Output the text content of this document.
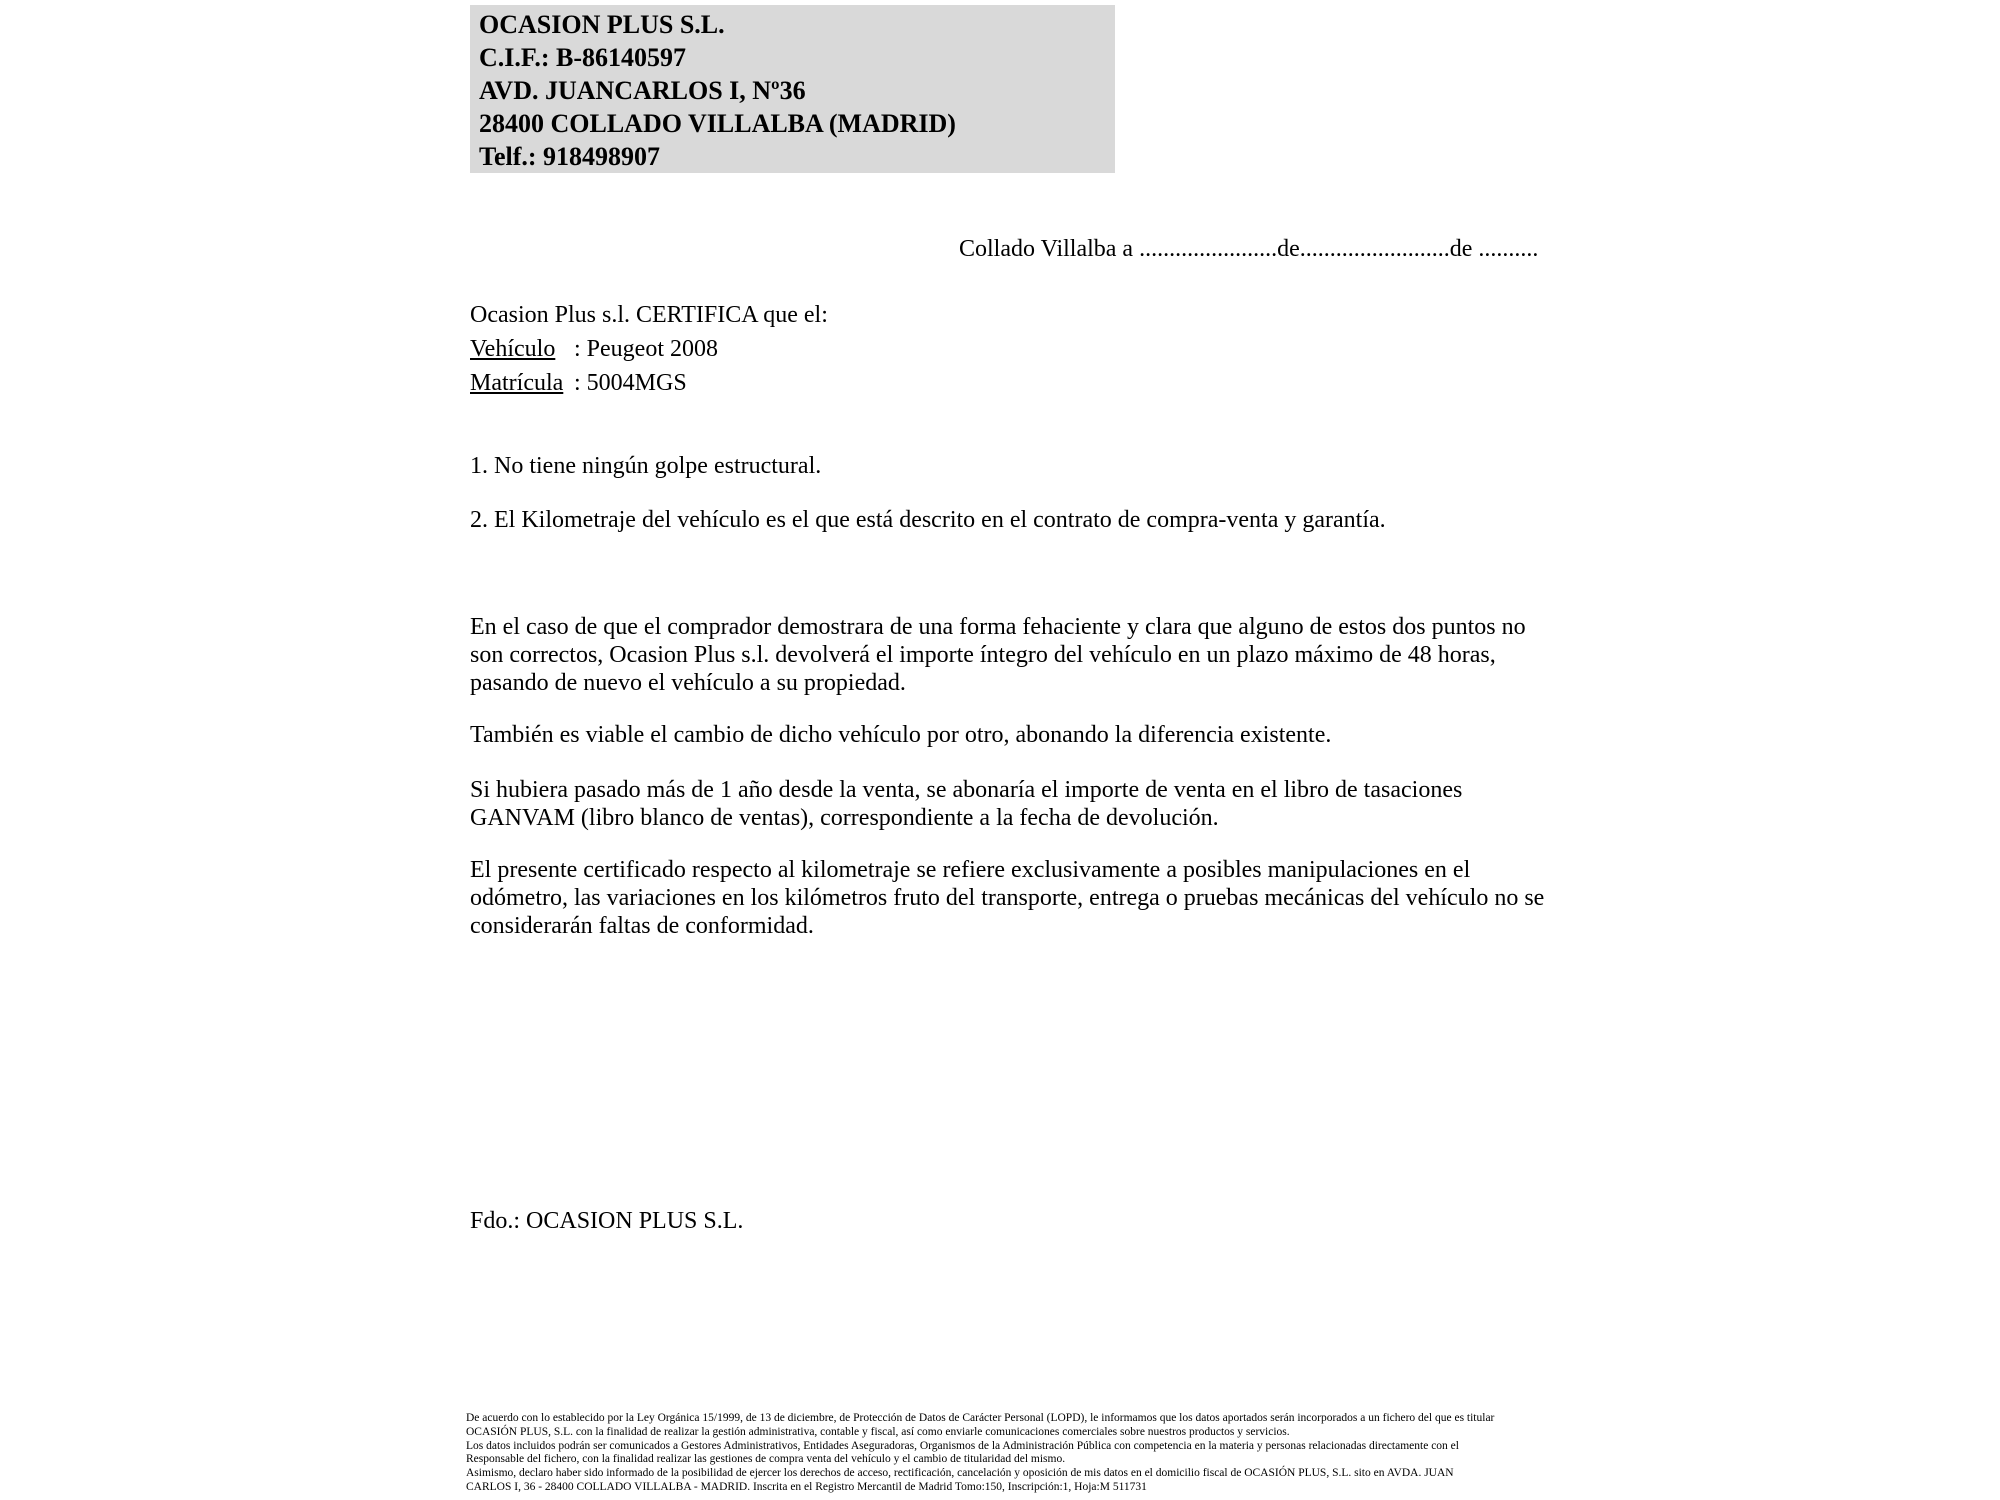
OCASION PLUS S.L.
C.I.F.: B-86140597
AVD. JUANCARLOS I, Nº36
28400 COLLADO VILLALBA (MADRID)
Telf.: 918498907
Collado Villalba a .......................de.........................de ..........
Ocasion Plus s.l. CERTIFICA que el:
Vehículo : Peugeot 2008
Matrícula : 5004MGS
1. No tiene ningún golpe estructural.
2. El Kilometraje del vehículo es el que está descrito en el contrato de compra-venta y garantía.
En el caso de que el comprador demostrara de una forma fehaciente y clara que alguno de estos dos puntos no son correctos, Ocasion Plus s.l. devolverá el importe íntegro del vehículo en un plazo máximo de 48 horas, pasando de nuevo el vehículo a su propiedad.
También es viable el cambio de dicho vehículo por otro, abonando la diferencia existente.
Si hubiera pasado más de 1 año desde la venta, se abonaría el importe de venta en el libro de tasaciones GANVAM (libro blanco de ventas), correspondiente a la fecha de devolución.
El presente certificado respecto al kilometraje se refiere exclusivamente a posibles manipulaciones en el odómetro, las variaciones en los kilómetros fruto del transporte, entrega o pruebas mecánicas del vehículo no se considerarán faltas de conformidad.
Fdo.: OCASION PLUS S.L.
De acuerdo con lo establecido por la Ley Orgánica 15/1999, de 13 de diciembre, de Protección de Datos de Carácter Personal (LOPD), le informamos que los datos aportados serán incorporados a un fichero del que es titular
OCASIÓN PLUS, S.L. con la finalidad de realizar la gestión administrativa, contable y fiscal, así como enviarle comunicaciones comerciales sobre nuestros productos y servicios.
Los datos incluidos podrán ser comunicados a Gestores Administrativos, Entidades Aseguradoras, Organismos de la Administración Pública con competencia en la materia y personas relacionadas directamente con el
Responsable del fichero, con la finalidad realizar las gestiones de compra venta del vehículo y el cambio de titularidad del mismo.
Asimismo, declaro haber sido informado de la posibilidad de ejercer los derechos de acceso, rectificación, cancelación y oposición de mis datos en el domicilio fiscal de OCASIÓN PLUS, S.L. sito en AVDA. JUAN
CARLOS I, 36 - 28400 COLLADO VILLALBA - MADRID. Inscrita en el Registro Mercantil de Madrid Tomo:150, Inscripción:1, Hoja:M 511731
